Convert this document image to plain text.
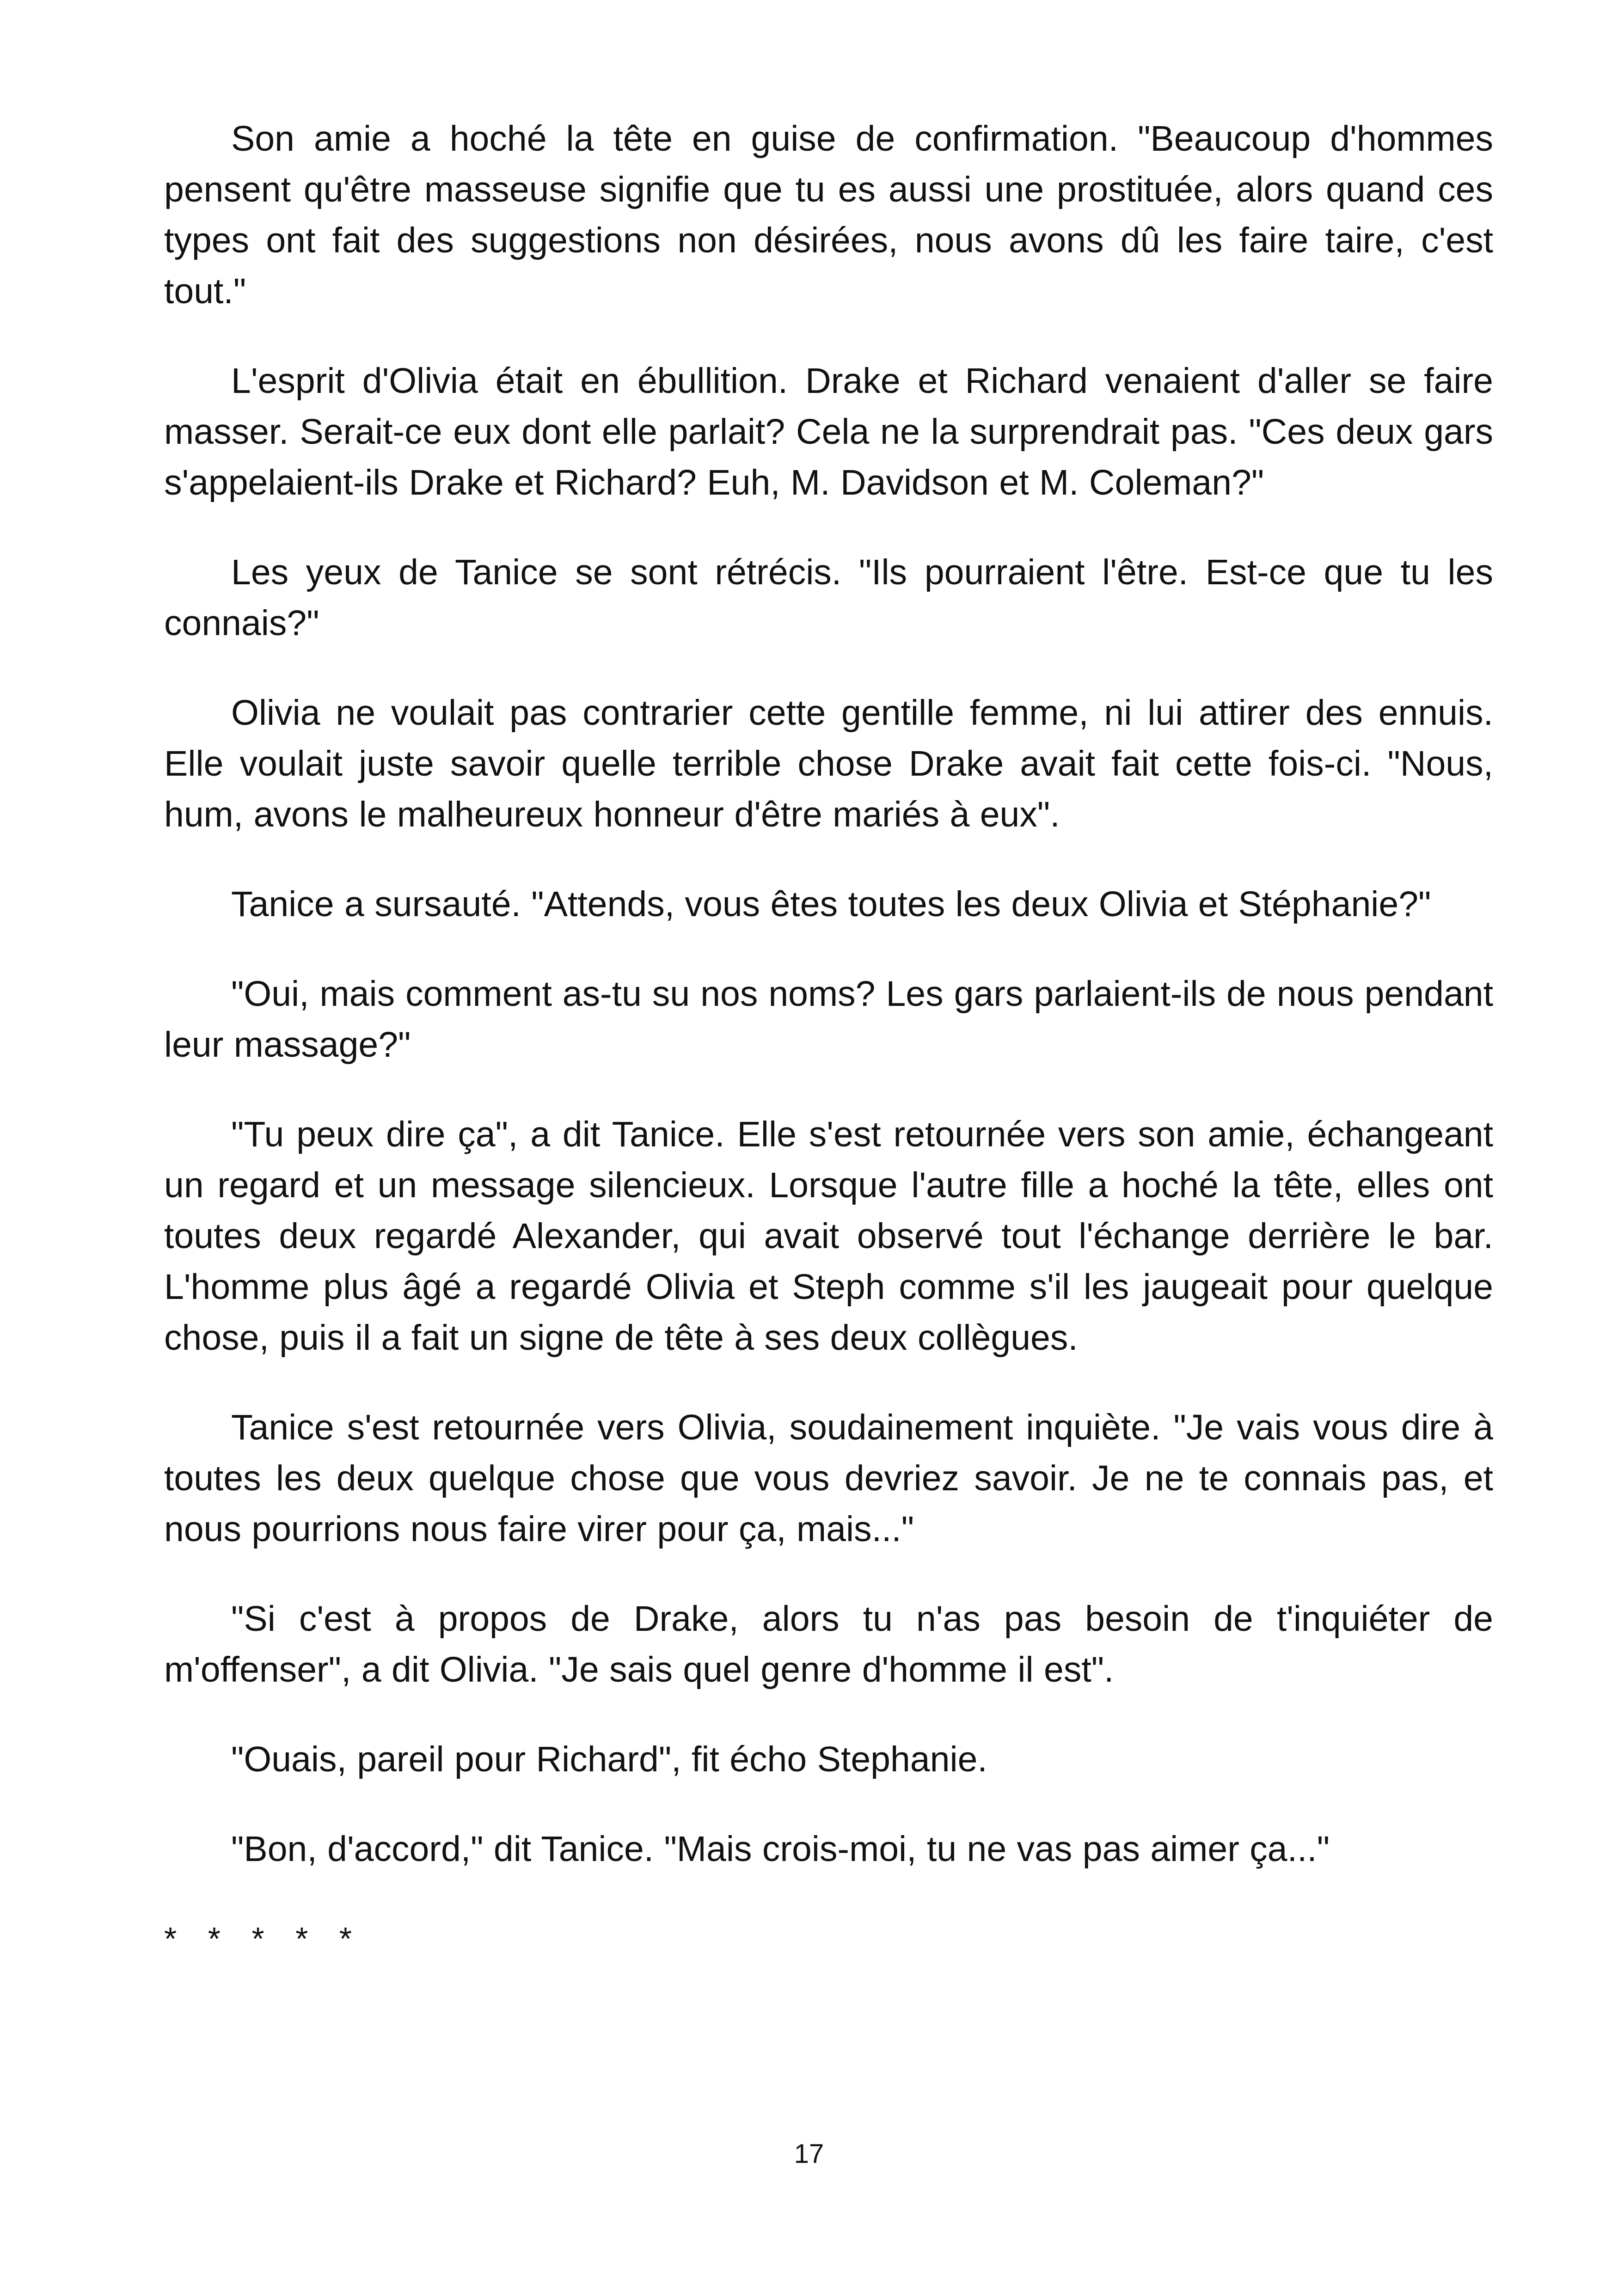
Son amie a hoché la tête en guise de confirmation. "Beaucoup d'hommes pensent qu'être masseuse signifie que tu es aussi une prostituée, alors quand ces types ont fait des suggestions non désirées, nous avons dû les faire taire, c'est tout."

L'esprit d'Olivia était en ébullition. Drake et Richard venaient d'aller se faire masser. Serait-ce eux dont elle parlait? Cela ne la surprendrait pas. "Ces deux gars s'appelaient-ils Drake et Richard? Euh, M. Davidson et M. Coleman?"

Les yeux de Tanice se sont rétrécis. "Ils pourraient l'être. Est-ce que tu les connais?"

Olivia ne voulait pas contrarier cette gentille femme, ni lui attirer des ennuis. Elle voulait juste savoir quelle terrible chose Drake avait fait cette fois-ci. "Nous, hum, avons le malheureux honneur d'être mariés à eux".

Tanice a sursauté. "Attends, vous êtes toutes les deux Olivia et Stéphanie?"

"Oui, mais comment as-tu su nos noms? Les gars parlaient-ils de nous pendant leur massage?"

"Tu peux dire ça", a dit Tanice. Elle s'est retournée vers son amie, échangeant un regard et un message silencieux. Lorsque l'autre fille a hoché la tête, elles ont toutes deux regardé Alexander, qui avait observé tout l'échange derrière le bar. L'homme plus âgé a regardé Olivia et Steph comme s'il les jaugeait pour quelque chose, puis il a fait un signe de tête à ses deux collègues.

Tanice s'est retournée vers Olivia, soudainement inquiète. "Je vais vous dire à toutes les deux quelque chose que vous devriez savoir. Je ne te connais pas, et nous pourrions nous faire virer pour ça, mais..."

"Si c'est à propos de Drake, alors tu n'as pas besoin de t'inquiéter de m'offenser", a dit Olivia. "Je sais quel genre d'homme il est".

"Ouais, pareil pour Richard", fit écho Stephanie.

"Bon, d'accord," dit Tanice. "Mais crois-moi, tu ne vas pas aimer ça..."

* * * * *

17
